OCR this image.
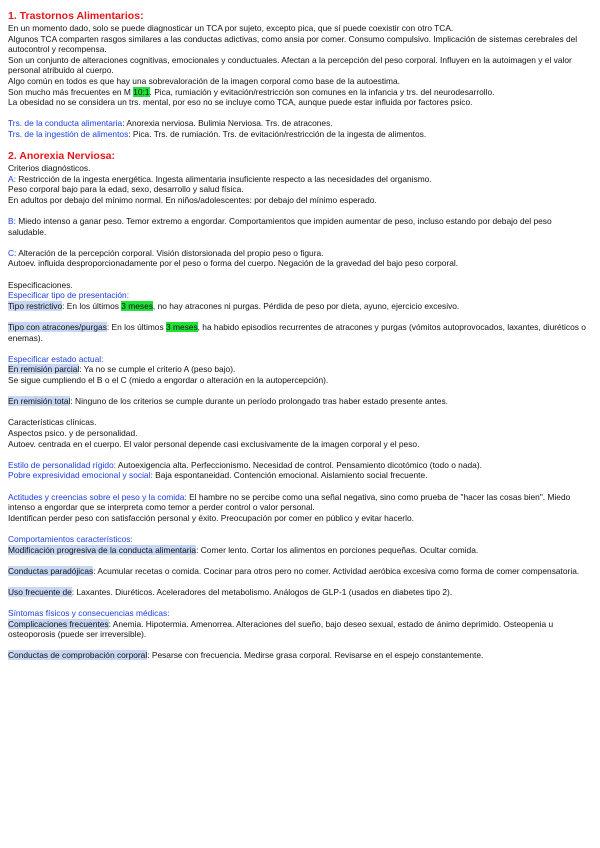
1. Trastornos Alimentarios:

En un momento dado, solo se puede diagnosticar un TCA por sujeto, excepto pica, que sí puede coexistir con otro TCA.

Algunos TCA comparten rasgos similares a las conductas adictivas, como ansia por comer. Consumo compulsivo. Implicación de sistemas cerebrales del autocontrol y recompensa.

Son un conjunto de alteraciones cognitivas, emocionales y conductuales. Afectan a la percepción del peso corporal. Influyen en la autoimagen y el valor personal atribuido al cuerpo.

Algo común en todos es que hay una sobrevaloración de la imagen corporal como base de la autoestima.

Son mucho más frecuentes en M 10:1. Pica, rumiación y evitación/restricción son comunes en la infancia y trs. del neurodesarrollo.

La obesidad no se considera un trs. mental, por eso no se incluye como TCA, aunque puede estar influida por factores psico.

Trs. de la conducta alimentaria: Anorexia nerviosa. Bulimia Nerviosa. Trs. de atracones.

Trs. de la ingestión de alimentos: Pica. Trs. de rumiación. Trs. de evitación/restricción de la ingesta de alimentos.

2. Anorexia Nerviosa:

Criterios diagnósticos.

A: Restricción de la ingesta energética. Ingesta alimentaria insuficiente respecto a las necesidades del organismo.

Peso corporal bajo para la edad, sexo, desarrollo y salud física.

En adultos por debajo del mínimo normal. En niños/adolescentes: por debajo del mínimo esperado.

B: Miedo intenso a ganar peso. Temor extremo a engordar. Comportamientos que impiden aumentar de peso, incluso estando por debajo del peso saludable.

C: Alteración de la percepción corporal. Visión distorsionada del propio peso o figura.

Autoev. influida desproporcionadamente por el peso o forma del cuerpo. Negación de la gravedad del bajo peso corporal.

Especificaciones.

Especificar tipo de presentación:

Tipo restrictivo: En los últimos 3 meses, no hay atracones ni purgas. Pérdida de peso por dieta, ayuno, ejercicio excesivo.

Tipo con atracones/purgas: En los últimos 3 meses, ha habido episodios recurrentes de atracones y purgas (vómitos autoprovocados, laxantes, diuréticos o enemas).

Especificar estado actual:

En remisión parcial: Ya no se cumple el criterio A (peso bajo).

Se sigue cumpliendo el B o el C (miedo a engordar o alteración en la autopercepción).

En remisión total: Ninguno de los criterios se cumple durante un período prolongado tras haber estado presente antes.

Características clínicas.

Aspectos psico. y de personalidad.

Autoev. centrada en el cuerpo. El valor personal depende casi exclusivamente de la imagen corporal y el peso.

Estilo de personalidad rígido: Autoexigencia alta. Perfeccionismo. Necesidad de control. Pensamiento dicotómico (todo o nada).

Pobre expresividad emocional y social: Baja espontaneidad. Contención emocional. Aislamiento social frecuente.

Actitudes y creencias sobre el peso y la comida: El hambre no se percibe como una señal negativa, sino como prueba de "hacer las cosas bien". Miedo intenso a engordar que se interpreta como temor a perder control o valor personal.

Identifican perder peso con satisfacción personal y éxito. Preocupación por comer en público y evitar hacerlo.

Comportamientos característicos:

Modificación progresiva de la conducta alimentaria: Comer lento. Cortar los alimentos en porciones pequeñas. Ocultar comida.

Conductas paradójicas: Acumular recetas o comida. Cocinar para otros pero no comer. Actividad aeróbica excesiva como forma de comer compensatoria.

Uso frecuente de: Laxantes. Diuréticos. Aceleradores del metabolismo. Análogos de GLP-1 (usados en diabetes tipo 2).

Síntomas físicos y consecuencias médicas:

Complicaciones frecuentes: Anemia. Hipotermia. Amenorrea. Alteraciones del sueño, bajo deseo sexual, estado de ánimo deprimido. Osteopenia u osteoporosis (puede ser irreversible).

Conductas de comprobación corporal: Pesarse con frecuencia. Medirse grasa corporal. Revisarse en el espejo constantemente.
